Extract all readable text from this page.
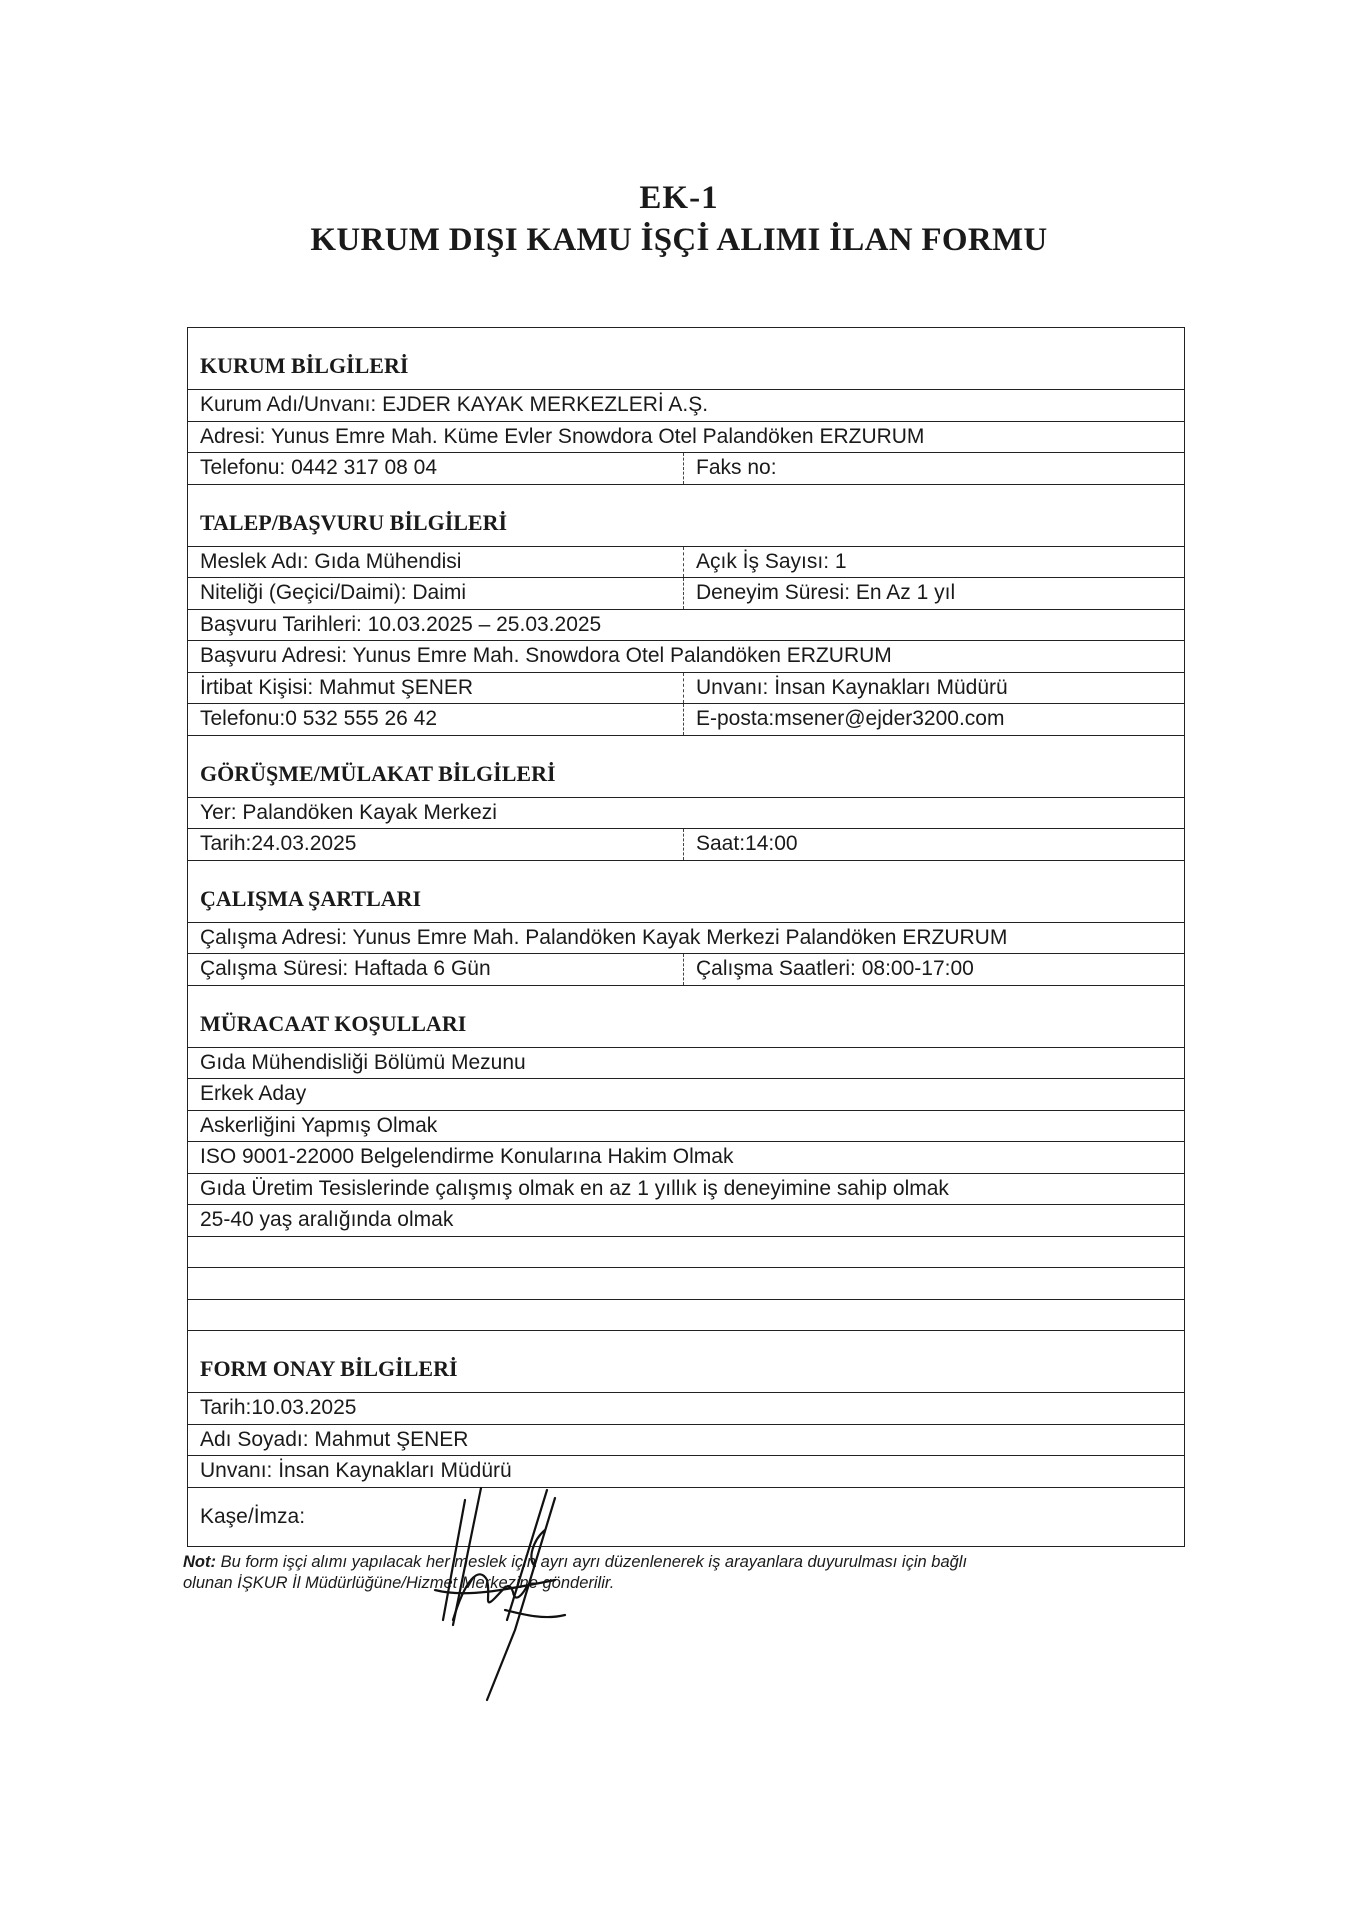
EK-1
KURUM DIŞI KAMU İŞÇİ ALIMI İLAN FORMU
KURUM BİLGİLERİ
Kurum Adı/Unvanı: EJDER KAYAK MERKEZLERİ A.Ş.
Adresi: Yunus Emre Mah. Küme Evler Snowdora Otel Palandöken ERZURUM
Telefonu: 0442 317 08 04	Faks no:
TALEP/BAŞVURU BİLGİLERİ
Meslek Adı: Gıda Mühendisi	Açık İş Sayısı: 1
Niteliği (Geçici/Daimi): Daimi	Deneyim Süresi: En Az 1 yıl
Başvuru Tarihleri: 10.03.2025 – 25.03.2025
Başvuru Adresi: Yunus Emre Mah. Snowdora Otel Palandöken ERZURUM
İrtibat Kişisi: Mahmut ŞENER	Unvanı: İnsan Kaynakları Müdürü
Telefonu:0 532 555 26 42	E-posta:msener@ejder3200.com
GÖRÜŞME/MÜLAKAT BİLGİLERİ
Yer: Palandöken Kayak Merkezi
Tarih:24.03.2025	Saat:14:00
ÇALIŞMA ŞARTLARI
Çalışma Adresi: Yunus Emre Mah. Palandöken Kayak Merkezi Palandöken ERZURUM
Çalışma Süresi: Haftada 6 Gün	Çalışma Saatleri: 08:00-17:00
MÜRACAAT KOŞULLARI
Gıda Mühendisliği Bölümü Mezunu
Erkek Aday
Askerliğini Yapmış Olmak
ISO 9001-22000 Belgelendirme Konularına Hakim Olmak
Gıda Üretim Tesislerinde çalışmış olmak en az 1 yıllık iş deneyimine sahip olmak
25-40 yaş aralığında olmak
FORM ONAY BİLGİLERİ
Tarih:10.03.2025
Adı Soyadı: Mahmut ŞENER
Unvanı: İnsan Kaynakları Müdürü
Kaşe/İmza:
Not: Bu form işçi alımı yapılacak her meslek için ayrı ayrı düzenlenerek iş arayanlara duyurulması için bağlı
olunan İŞKUR İl Müdürlüğüne/Hizmet Merkezine gönderilir.
